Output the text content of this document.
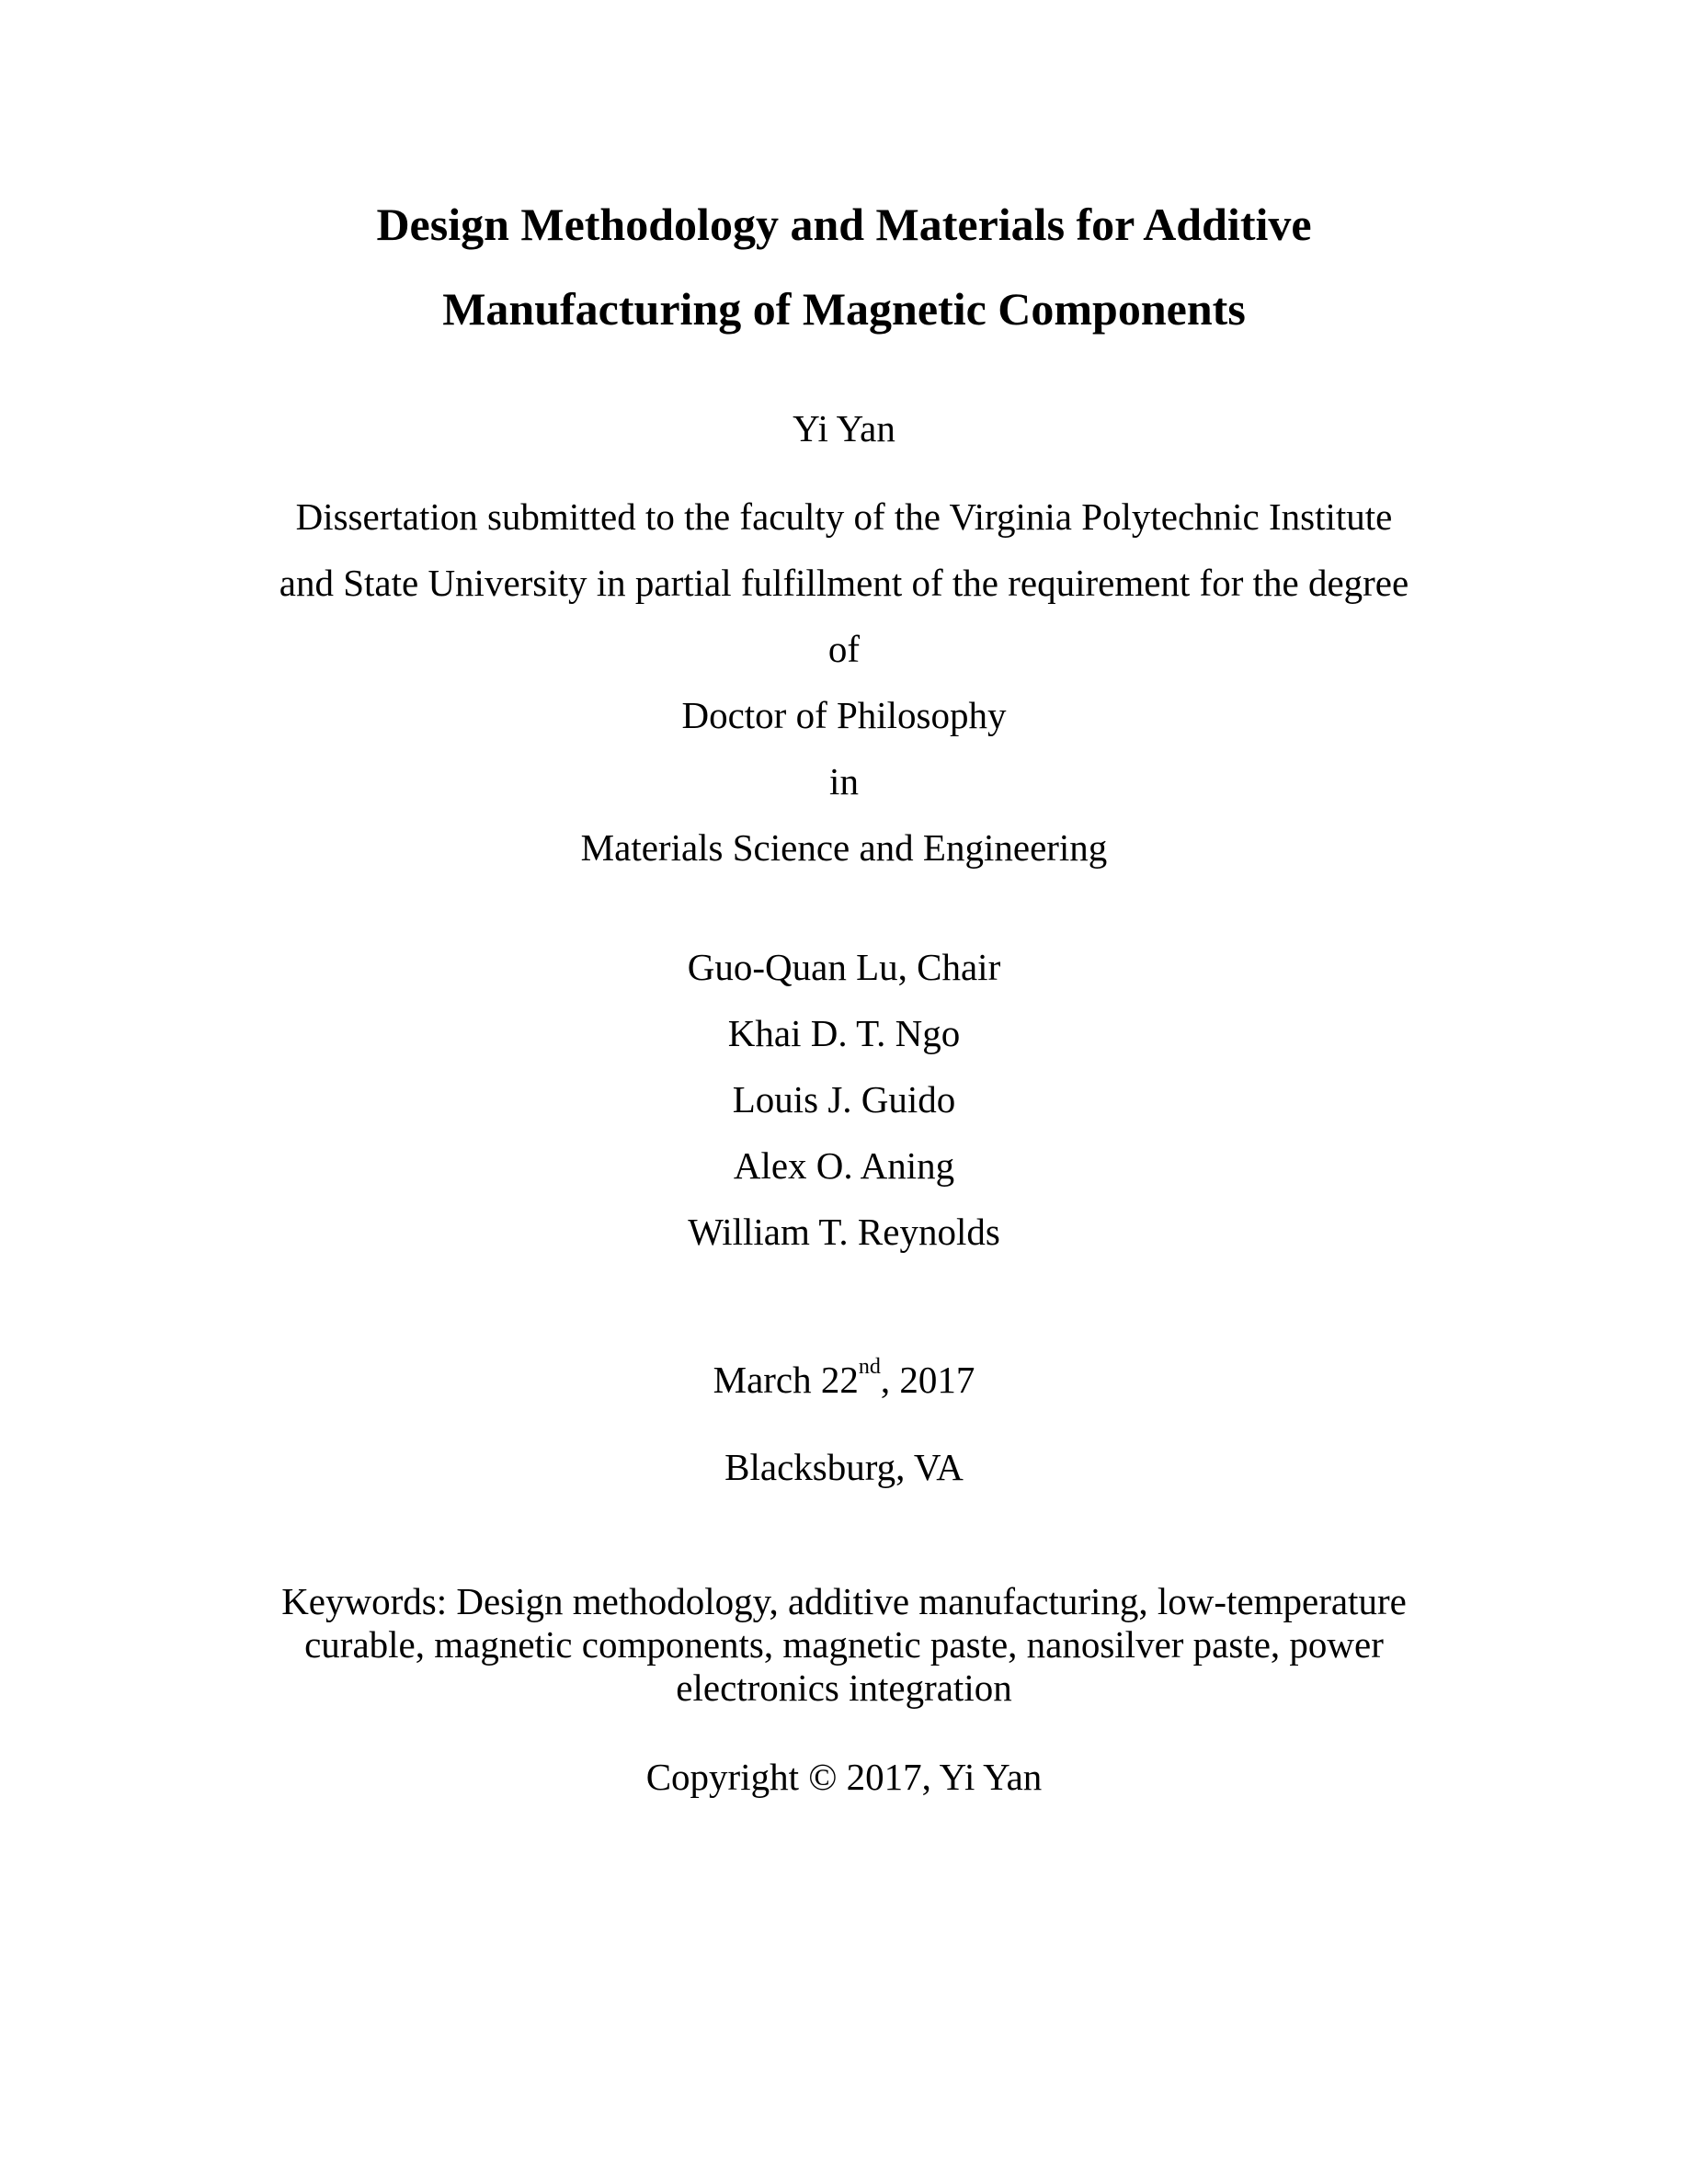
Design Methodology and Materials for Additive
Manufacturing of Magnetic Components
Yi Yan
Dissertation submitted to the faculty of the Virginia Polytechnic Institute
and State University in partial fulfillment of the requirement for the degree
of
Doctor of Philosophy
in
Materials Science and Engineering
Guo-Quan Lu, Chair
Khai D. T. Ngo
Louis J. Guido
Alex O. Aning
William T. Reynolds
March 22nd, 2017
Blacksburg, VA
Keywords: Design methodology, additive manufacturing, low-temperature
curable, magnetic components, magnetic paste, nanosilver paste, power
electronics integration
Copyright © 2017, Yi Yan
